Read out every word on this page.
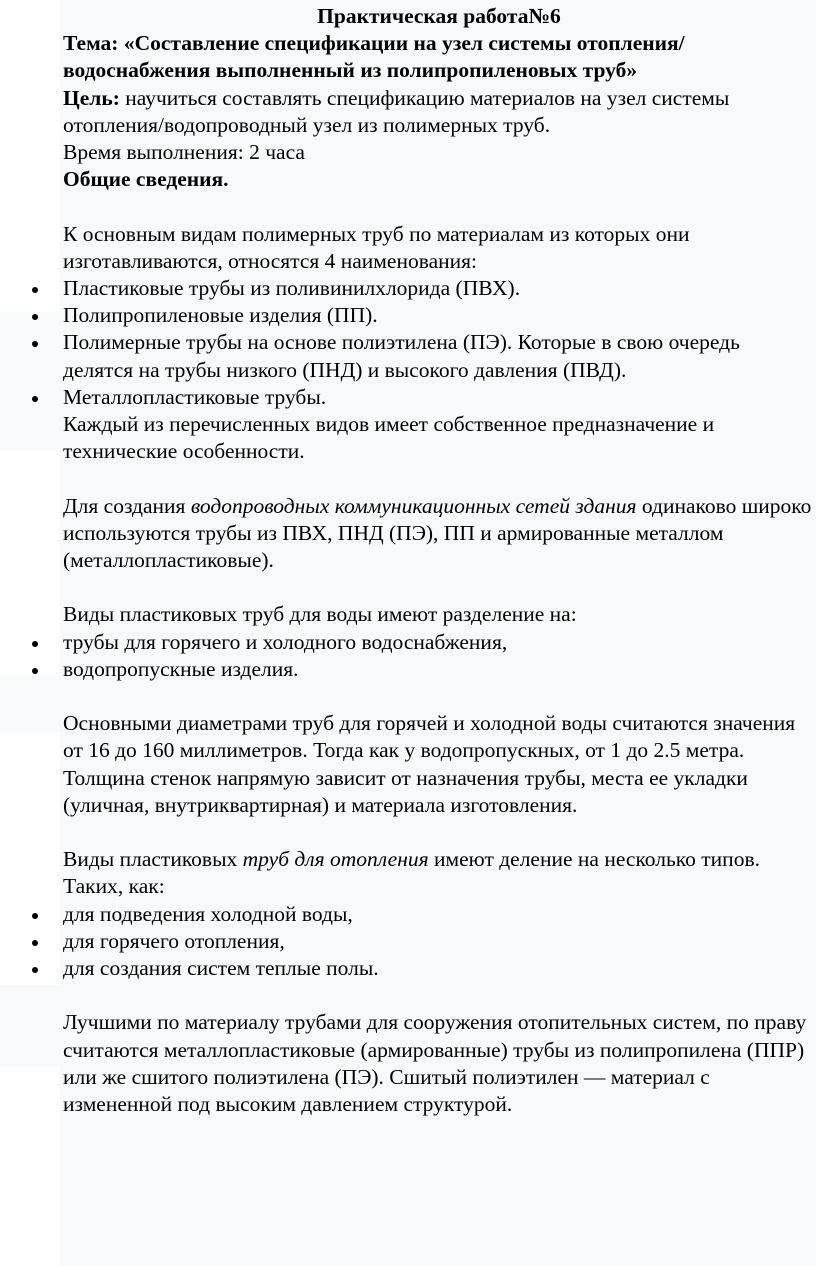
Практическая работа№6

Тема: «Составление спецификации на узел системы отопления/водоснабжения выполненный из полипропиленовых труб»

Цель: научиться составлять спецификацию материалов на узел системы отопления/водопроводный узел из полимерных труб.

Время выполнения: 2 часа

Общие сведения.

К основным видам полимерных труб по материалам из которых они изготавливаются, относятся 4 наименования:

Пластиковые трубы из поливинилхлорида (ПВХ).
Полипропиленовые изделия (ПП).
Полимерные трубы на основе полиэтилена (ПЭ). Которые в свою очередь делятся на трубы низкого (ПНД) и высокого давления (ПВД).
Металлопластиковые трубы.

Каждый из перечисленных видов имеет собственное предназначение и технические особенности.

Для создания водопроводных коммуникационных сетей здания одинаково широко используются трубы из ПВХ, ПНД (ПЭ), ПП и армированные металлом (металлопластиковые).

Виды пластиковых труб для воды имеют разделение на:

трубы для горячего и холодного водоснабжения,
водопропускные изделия.

Основными диаметрами труб для горячей и холодной воды считаются значения от 16 до 160 миллиметров. Тогда как у водопропускных, от 1 до 2.5 метра. Толщина стенок напрямую зависит от назначения трубы, места ее укладки (уличная, внутриквартирная) и материала изготовления.

Виды пластиковых труб для отопления имеют деление на несколько типов. Таких, как:

для подведения холодной воды,
для горячего отопления,
для создания систем теплые полы.

Лучшими по материалу трубами для сооружения отопительных систем, по праву считаются металлопластиковые (армированные) трубы из полипропилена (ППР) или же сшитого полиэтилена (ПЭ). Сшитый полиэтилен — материал с измененной под высоким давлением структурой.
